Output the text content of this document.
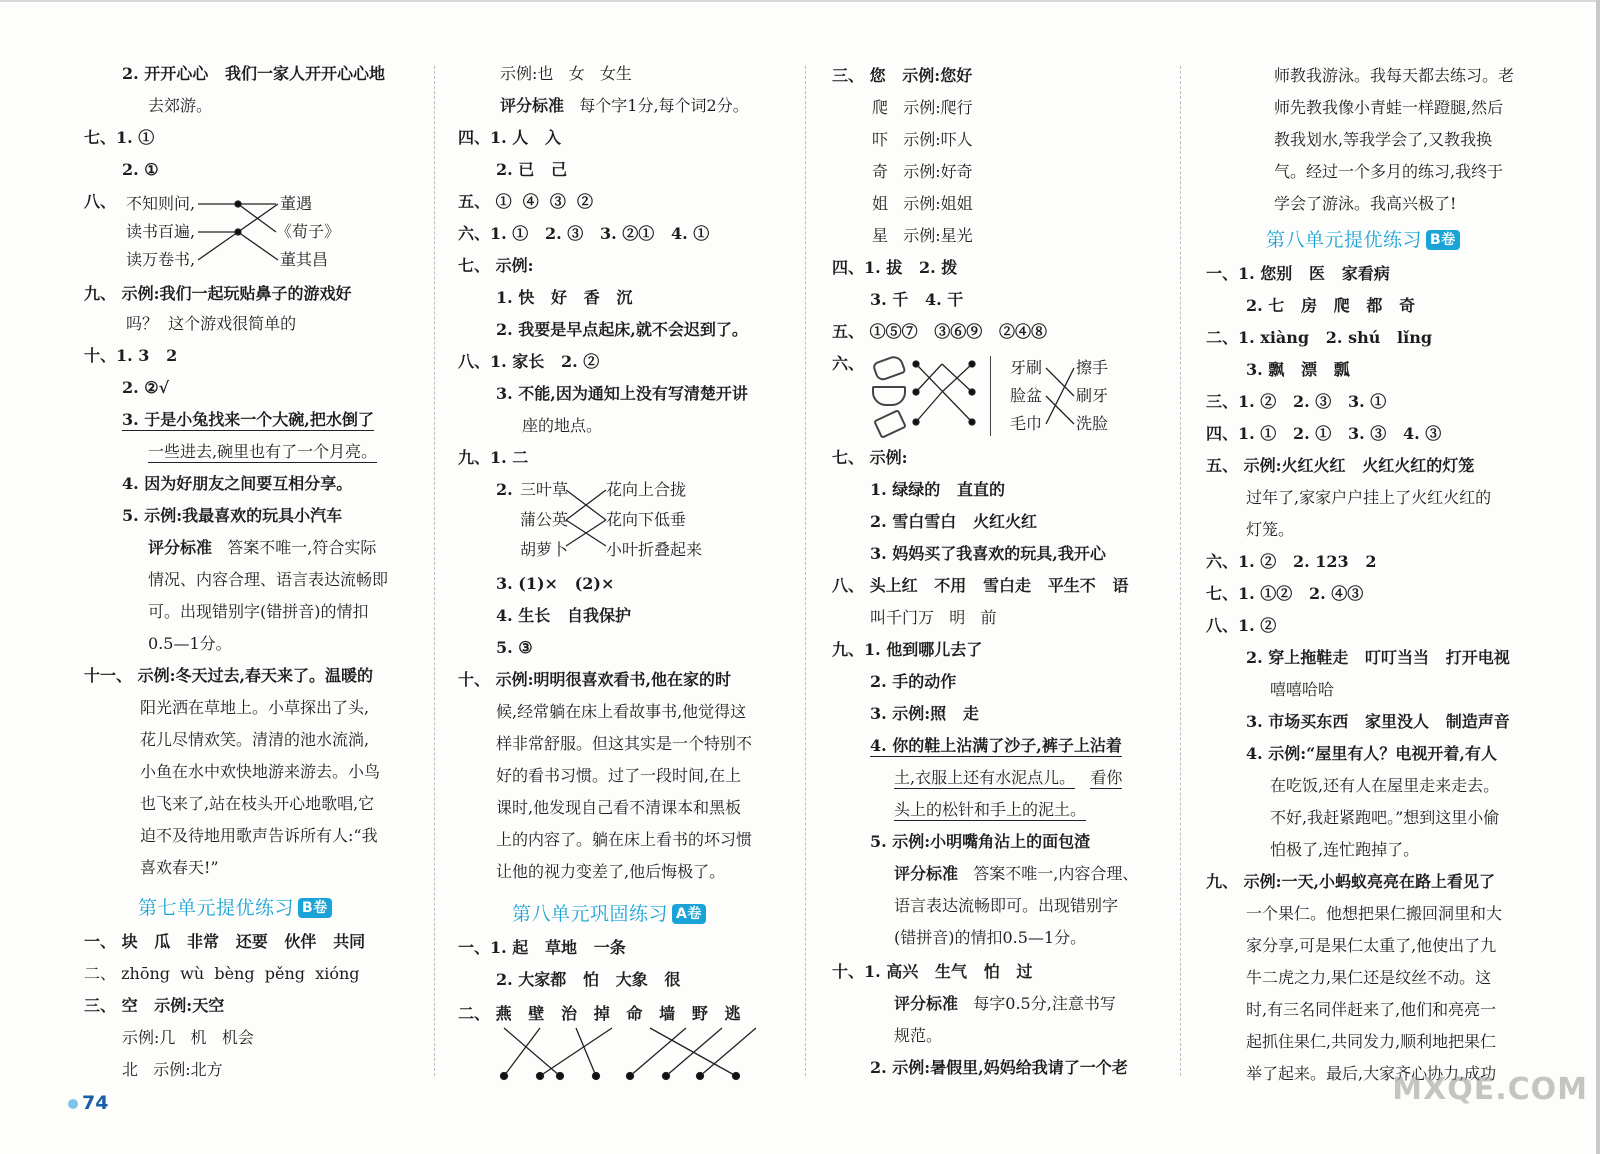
2. 开开心心   我们一家人开开心心地
去郊游。
七、1. ①
2. ①
八、 不知则问,
读书百遍,
读万卷书,
董遇
《荀子》
董其昌
九、 示例:我们一起玩贴鼻子的游戏好
吗？  这个游戏很简单的
十、1. 3   2
2. ②√
3. 于是小兔找来一个大碗,把水倒了
一些进去,碗里也有了一个月亮。
4. 因为好朋友之间要互相分享。
5. 示例:我最喜欢的玩具小汽车
评分标准 答案不唯一,符合实际
情况、内容合理、语言表达流畅即
可。出现错别字(错拼音)的情扣
0.5—1分。
十一、 示例:冬天过去,春天来了。温暖的
阳光洒在草地上。小草探出了头,
花儿尽情欢笑。清清的池水流淌,
小鱼在水中欢快地游来游去。小鸟
也飞来了,站在枝头开心地歌唱,它
迫不及待地用歌声告诉所有人:“我
喜欢春天!”
第七单元提优练习 B卷
一、 块   瓜   非常   还要   伙伴   共同
二、 zhōng  wù  bèng  pěng  xióng
三、 空   示例:天空
示例:几   机   机会
北   示例:北方
示例:也   女   女生
评分标准 每个字1分,每个词2分。
四、1. 人   入
2. 已   己
五、 ①  ④  ③  ②
六、1. ①   2. ③   3. ②①   4. ①
七、 示例:
1. 快   好   香   沉
2. 我要是早点起床,就不会迟到了。
八、1. 家长   2. ②
3. 不能,因为通知上没有写清楚开讲
座的地点。
九、1. 二
2. 三叶草
蒲公英
胡萝卜
花向上合拢
花向下低垂
小叶折叠起来
3. (1)×   (2)×
4. 生长   自我保护
5. ③
十、 示例:明明很喜欢看书,他在家的时
候,经常躺在床上看故事书,他觉得这
样非常舒服。但这其实是一个特别不
好的看书习惯。过了一段时间,在上
课时,他发现自己看不清课本和黑板
上的内容了。躺在床上看书的坏习惯
让他的视力变差了,他后悔极了。
第八单元巩固练习 A卷
一、1. 起   草地   一条
2. 大家都   怕   大象   很
二、 燕   壁   治   掉   命   墙   野   逃
三、 您   示例:您好
爬   示例:爬行
吓   示例:吓人
奇   示例:好奇
姐   示例:姐姐
星   示例:星光
四、1. 拔   2. 拨
3. 千   4. 干
五、 ①⑤⑦   ③⑥⑨   ②④⑧
六、	牙刷
脸盆
毛巾
擦手
刷牙
洗脸
七、 示例:
1. 绿绿的   直直的
2. 雪白雪白   火红火红
3. 妈妈买了我喜欢的玩具,我开心
八、 头上红   不用   雪白走   平生不   语
叫千门万   明   前
九、1. 他到哪儿去了
2. 手的动作
3. 示例:照   走
4. 你的鞋上沾满了沙子,裤子上沾着
土,衣服上还有水泥点儿。 看你
头上的松针和手上的泥土。
5. 示例:小明嘴角沾上的面包渣
评分标准 答案不唯一,内容合理、
语言表达流畅即可。出现错别字
(错拼音)的情扣0.5—1分。
十、1. 高兴   生气   怕   过
评分标准 每字0.5分,注意书写
规范。
2. 示例:暑假里,妈妈给我请了一个老
师教我游泳。我每天都去练习。老
师先教我像小青蛙一样蹬腿,然后
教我划水,等我学会了,又教我换
气。经过一个多月的练习,我终于
学会了游泳。我高兴极了!
第八单元提优练习 B卷
一、1. 您别   医   家看病
2. 七   房   爬   都   奇
二、1. xiàng   2. shú   lǐng
3. 飘   漂   瓢
三、1. ②   2. ③   3. ①
四、1. ①   2. ①   3. ③   4. ③
五、 示例:火红火红   火红火红的灯笼
过年了,家家户户挂上了火红火红的
灯笼。
六、1. ②   2. 123   2
七、1. ①②   2. ④③
八、1. ②
2. 穿上拖鞋走   叮叮当当   打开电视
嘻嘻哈哈
3. 市场买东西   家里没人   制造声音
4. 示例:“屋里有人？电视开着,有人
在吃饭,还有人在屋里走来走去。
不好,我赶紧跑吧。”想到这里小偷
怕极了,连忙跑掉了。
九、 示例:一天,小蚂蚁亮亮在路上看见了
一个果仁。他想把果仁搬回洞里和大
家分享,可是果仁太重了,他使出了九
牛二虎之力,果仁还是纹丝不动。这
时,有三名同伴赶来了,他们和亮亮一
起抓住果仁,共同发力,顺利地把果仁
举了起来。最后,大家齐心协力,成功
74	MXQE.COM
